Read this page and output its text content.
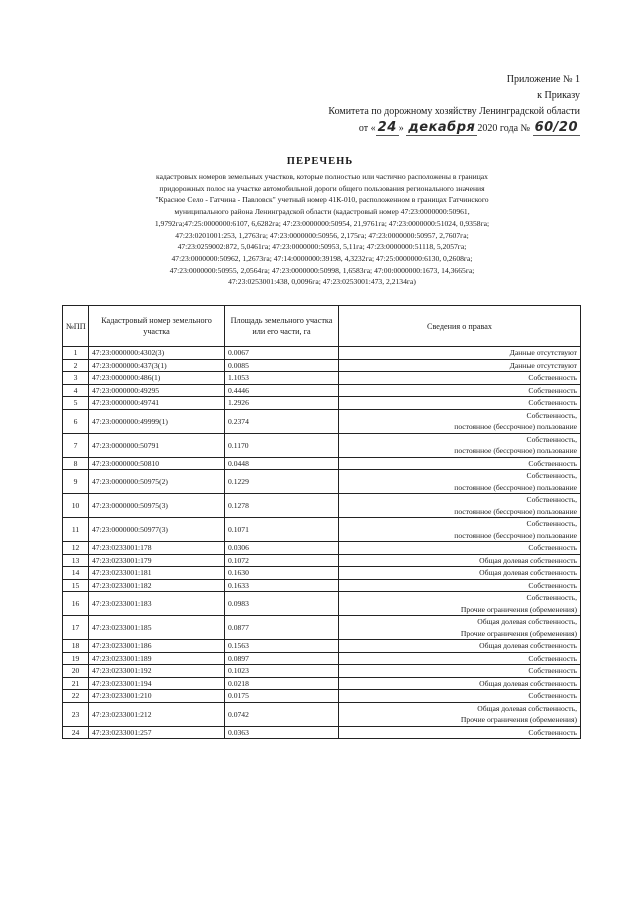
Приложение № 1
к Приказу
Комитета по дорожному хозяйству Ленинградской области
от « 24 » декабря 2020 года № 60/20
ПЕРЕЧЕНЬ
кадастровых номеров земельных участков, которые полностью или частично расположены в границах
придорожных полос на участке автомобильной дороги общего пользования регионального значения
"Красное Село - Гатчина - Павловск" учетный номер 41К-010, расположенном в границах Гатчинского
муниципального района Ленинградской области (кадастровый номер 47:23:0000000:50961,
1,9792га;47:25:0000000:6107, 6,6282га; 47:23:0000000:50954, 21,9761га; 47:23:0000000:51024, 0,9358га;
47:23:0201001:253, 1,2763га; 47:23:0000000:50956, 2,175га; 47:23:0000000:50957, 2,7607га;
47:23:0259002:872, 5,0461га; 47:23:0000000:50953, 5,11га; 47:23:0000000:51118, 5,2057га;
47:23:0000000:50962, 1,2673га; 47:14:0000000:39198, 4,3232га; 47:25:0000000:6130, 0,2608га;
47:23:0000000:50955, 2,0564га; 47:23:0000000:50998, 1,6583га; 47:00:0000000:1673, 14,3665га;
47:23:0253001:438, 0,0096га; 47:23:0253001:473, 2,2134га)
№ПП	Кадастровый номер земельного участка	Площадь земельного участка или его части, га	Сведения о правах
1	47:23:0000000:4302(3)	0.0067	Данные отсутствуют

2	47:23:0000000:437(3(1)	0.0085	Данные отсутствуют

3	47:23:0000000:486(1)	1.1053	Собственность

4	47:23:0000000:49295	0.4446	Собственность

5	47:23:0000000:49741	1.2926	Собственность

6	47:23:0000000:49999(1)	0.2374	Собственность,
постоянное (бессрочное) пользование

7	47:23:0000000:50791	0.1170	Собственность,
постоянное (бессрочное) пользование

8	47:23:0000000:50810	0.0448	Собственность

9	47:23:0000000:50975(2)	0.1229	Собственность,
постоянное (бессрочное) пользование

10	47:23:0000000:50975(3)	0.1278	Собственность,
постоянное (бессрочное) пользование

11	47:23:0000000:50977(3)	0.1071	Собственность,
постоянное (бессрочное) пользование

12	47:23:0233001:178	0.0306	Собственность

13	47:23:0233001:179	0.1072	Общая долевая собственность

14	47:23:0233001:181	0.1630	Общая долевая собственность

15	47:23:0233001:182	0.1633	Собственность

16	47:23:0233001:183	0.0983	Собственность,
Прочие ограничения (обременения)

17	47:23:0233001:185	0.0877	Общая долевая собственность,
Прочие ограничения (обременения)

18	47:23:0233001:186	0.1563	Общая долевая собственность

19	47:23:0233001:189	0.0897	Собственность

20	47:23:0233001:192	0.1023	Собственность

21	47:23:0233001:194	0.0218	Общая долевая собственность

22	47:23:0233001:210	0.0175	Собственность

23	47:23:0233001:212	0.0742	Общая долевая собственность,
Прочие ограничения (обременения)

24	47:23:0233001:257	0.0363	Собственность
